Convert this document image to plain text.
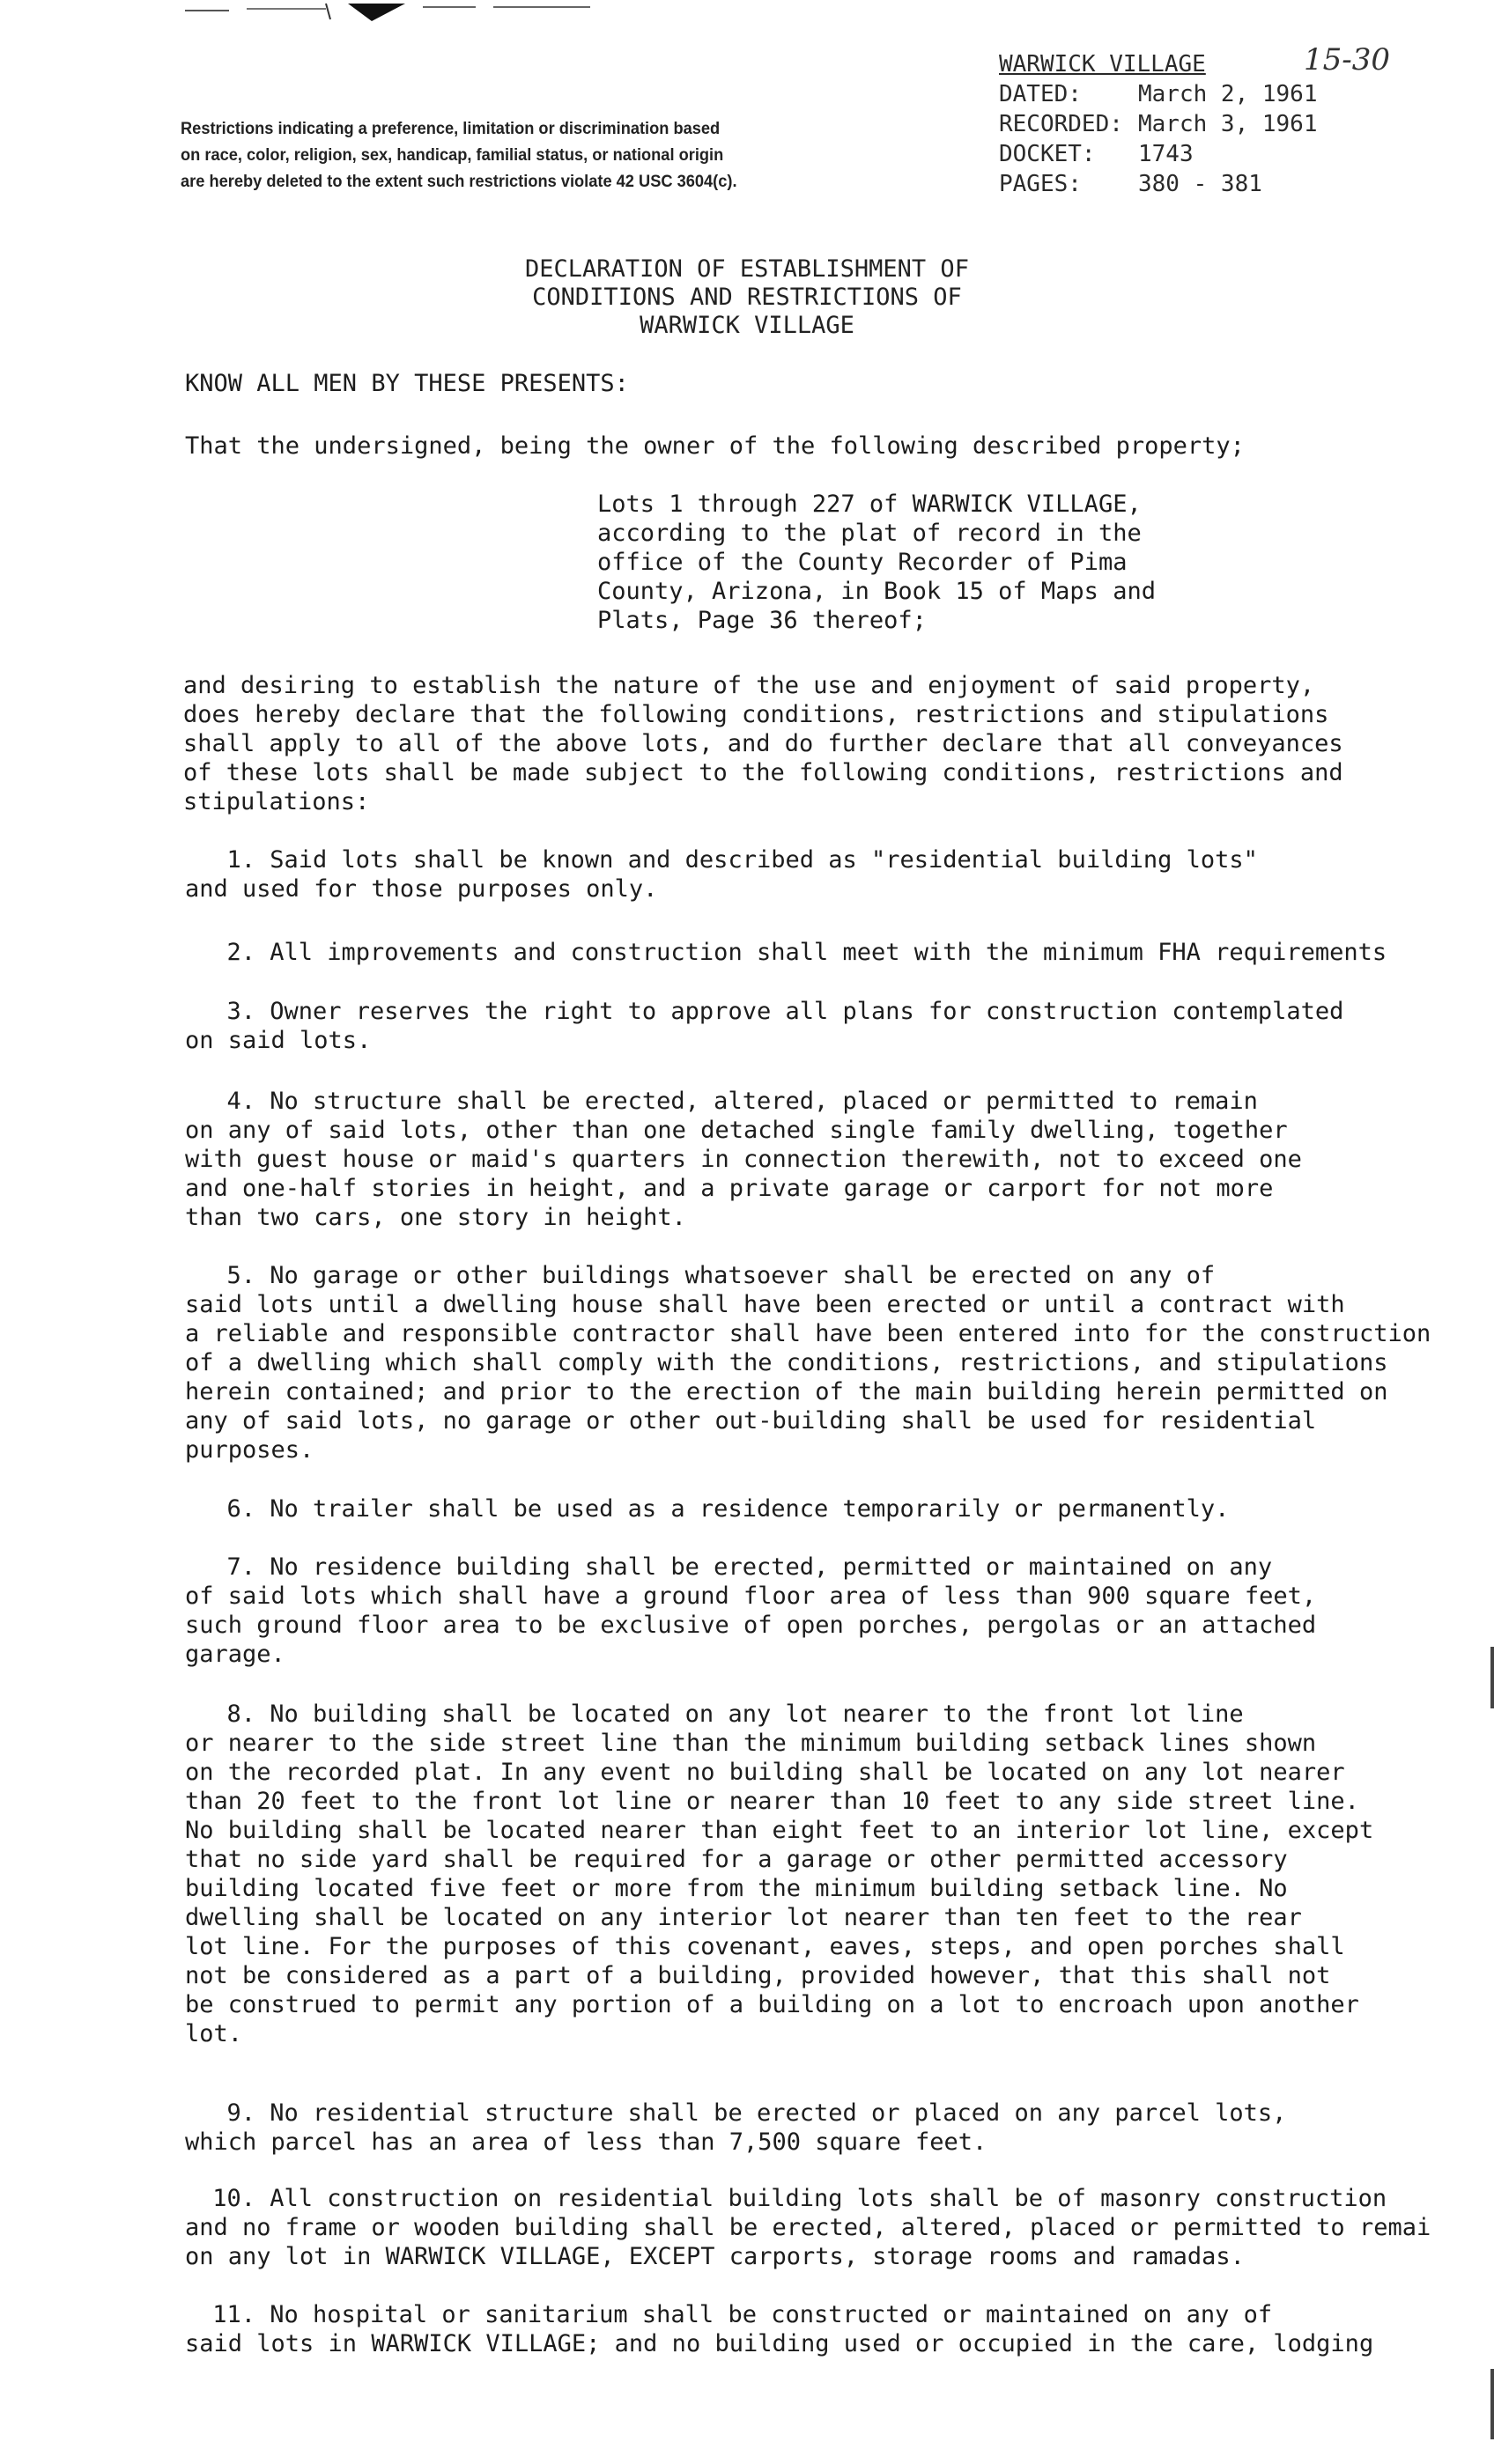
Restrictions indicating a preference, limitation or discrimination based
on race, color, religion, sex, handicap, familial status, or national origin
are hereby deleted to the extent such restrictions violate 42 USC 3604(c).
WARWICK VILLAGE
DATED: March 2, 1961
RECORDED: March 3, 1961
DOCKET: 1743
PAGES: 380 - 381
15-30
DECLARATION OF ESTABLISHMENT OF
CONDITIONS AND RESTRICTIONS OF
WARWICK VILLAGE
KNOW ALL MEN BY THESE PRESENTS:
That the undersigned, being the owner of the following described property;
Lots 1 through 227 of WARWICK VILLAGE,
according to the plat of record in the
office of the County Recorder of Pima
County, Arizona, in Book 15 of Maps and
Plats, Page 36 thereof;
and desiring to establish the nature of the use and enjoyment of said property,
does hereby declare that the following conditions, restrictions and stipulations
shall apply to all of the above lots, and do further declare that all conveyances
of these lots shall be made subject to the following conditions, restrictions and
stipulations:
1. Said lots shall be known and described as "residential building lots"
and used for those purposes only.
2. All improvements and construction shall meet with the minimum FHA requirements
3. Owner reserves the right to approve all plans for construction contemplated
on said lots.
4. No structure shall be erected, altered, placed or permitted to remain
on any of said lots, other than one detached single family dwelling, together
with guest house or maid's quarters in connection therewith, not to exceed one
and one-half stories in height, and a private garage or carport for not more
than two cars, one story in height.
5. No garage or other buildings whatsoever shall be erected on any of
said lots until a dwelling house shall have been erected or until a contract with
a reliable and responsible contractor shall have been entered into for the construction
of a dwelling which shall comply with the conditions, restrictions, and stipulations
herein contained; and prior to the erection of the main building herein permitted on
any of said lots, no garage or other out-building shall be used for residential
purposes.
6. No trailer shall be used as a residence temporarily or permanently.
7. No residence building shall be erected, permitted or maintained on any
of said lots which shall have a ground floor area of less than 900 square feet,
such ground floor area to be exclusive of open porches, pergolas or an attached
garage.
8. No building shall be located on any lot nearer to the front lot line
or nearer to the side street line than the minimum building setback lines shown
on the recorded plat. In any event no building shall be located on any lot nearer
than 20 feet to the front lot line or nearer than 10 feet to any side street line.
No building shall be located nearer than eight feet to an interior lot line, except
that no side yard shall be required for a garage or other permitted accessory
building located five feet or more from the minimum building setback line. No
dwelling shall be located on any interior lot nearer than ten feet to the rear
lot line. For the purposes of this covenant, eaves, steps, and open porches shall
not be considered as a part of a building, provided however, that this shall not
be construed to permit any portion of a building on a lot to encroach upon another
lot.
9. No residential structure shall be erected or placed on any parcel lots,
which parcel has an area of less than 7,500 square feet.
10. All construction on residential building lots shall be of masonry construction
and no frame or wooden building shall be erected, altered, placed or permitted to remai
on any lot in WARWICK VILLAGE, EXCEPT carports, storage rooms and ramadas.
11. No hospital or sanitarium shall be constructed or maintained on any of
said lots in WARWICK VILLAGE; and no building used or occupied in the care, lodging
